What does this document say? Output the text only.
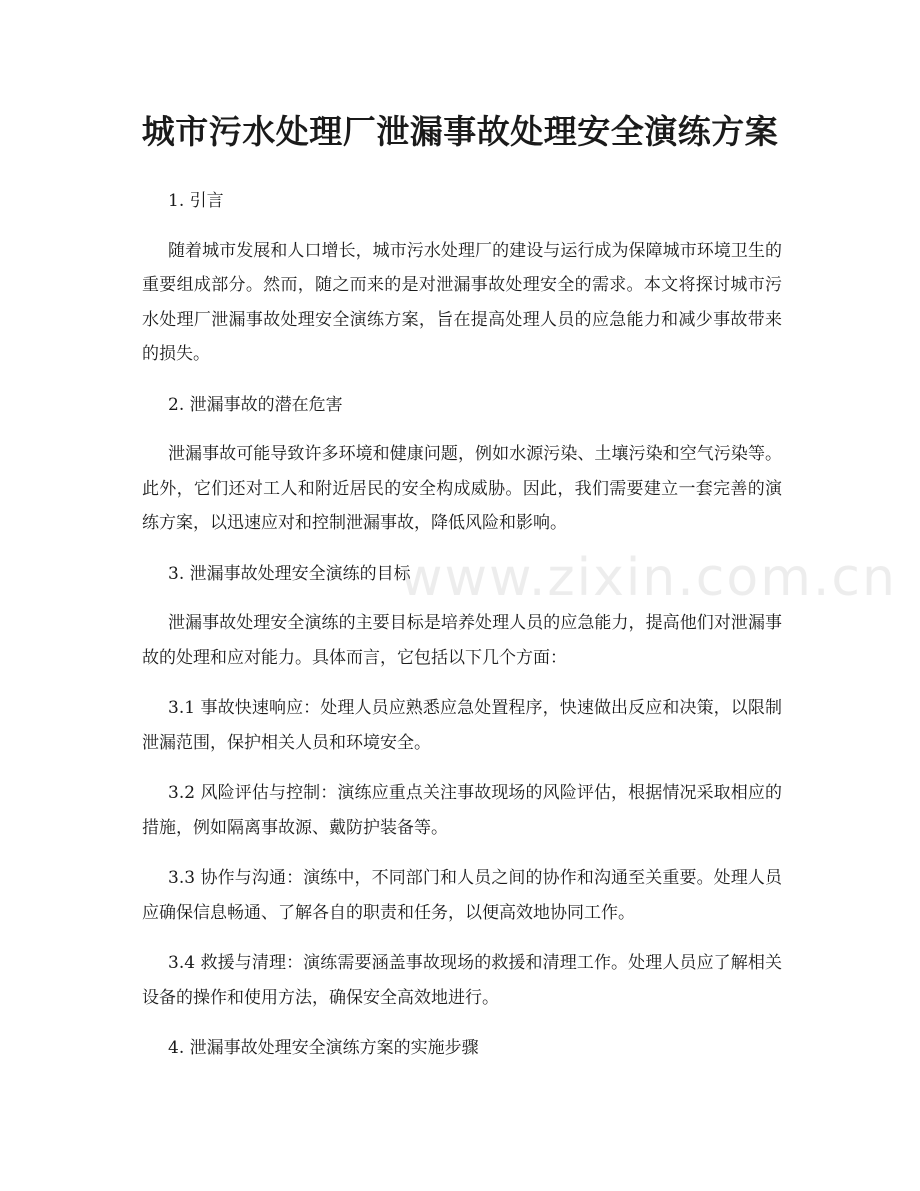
城市污水处理厂泄漏事故处理安全演练方案

1. 引言

随着城市发展和人口增长，城市污水处理厂的建设与运行成为保障城市环境卫生的重要组成部分。然而，随之而来的是对泄漏事故处理安全的需求。本文将探讨城市污水处理厂泄漏事故处理安全演练方案，旨在提高处理人员的应急能力和减少事故带来的损失。

2. 泄漏事故的潜在危害

泄漏事故可能导致许多环境和健康问题，例如水源污染、土壤污染和空气污染等。此外，它们还对工人和附近居民的安全构成威胁。因此，我们需要建立一套完善的演练方案，以迅速应对和控制泄漏事故，降低风险和影响。

3. 泄漏事故处理安全演练的目标

泄漏事故处理安全演练的主要目标是培养处理人员的应急能力，提高他们对泄漏事故的处理和应对能力。具体而言，它包括以下几个方面：

3.1 事故快速响应：处理人员应熟悉应急处置程序，快速做出反应和决策，以限制泄漏范围，保护相关人员和环境安全。

3.2 风险评估与控制：演练应重点关注事故现场的风险评估，根据情况采取相应的措施，例如隔离事故源、戴防护装备等。

3.3 协作与沟通：演练中，不同部门和人员之间的协作和沟通至关重要。处理人员应确保信息畅通、了解各自的职责和任务，以便高效地协同工作。

3.4 救援与清理：演练需要涵盖事故现场的救援和清理工作。处理人员应了解相关设备的操作和使用方法，确保安全高效地进行。

4. 泄漏事故处理安全演练方案的实施步骤

www.zixin.com.cn
